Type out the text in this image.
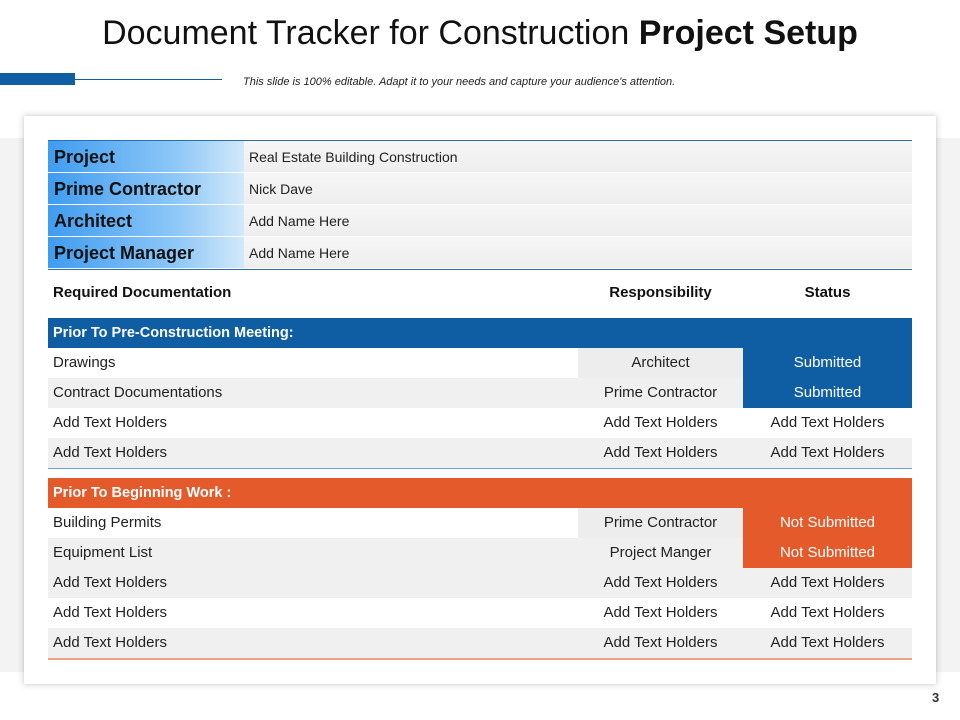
Document Tracker for Construction Project Setup
This slide is 100% editable. Adapt it to your needs and capture your audience's attention.
Project	Real Estate Building Construction
Prime Contractor	Nick Dave
Architect	Add Name Here
Project Manager	Add Name Here
Required Documentation	Responsibility	Status
Prior To Pre-Construction Meeting:
Drawings	Architect	Submitted
Contract Documentations	Prime Contractor	Submitted
Add Text Holders	Add Text Holders	Add Text Holders
Add Text Holders	Add Text Holders	Add Text Holders
Prior To Beginning Work :
Building Permits	Prime Contractor	Not Submitted
Equipment List	Project Manger	Not Submitted
Add Text Holders	Add Text Holders	Add Text Holders
Add Text Holders	Add Text Holders	Add Text Holders
Add Text Holders	Add Text Holders	Add Text Holders
3
